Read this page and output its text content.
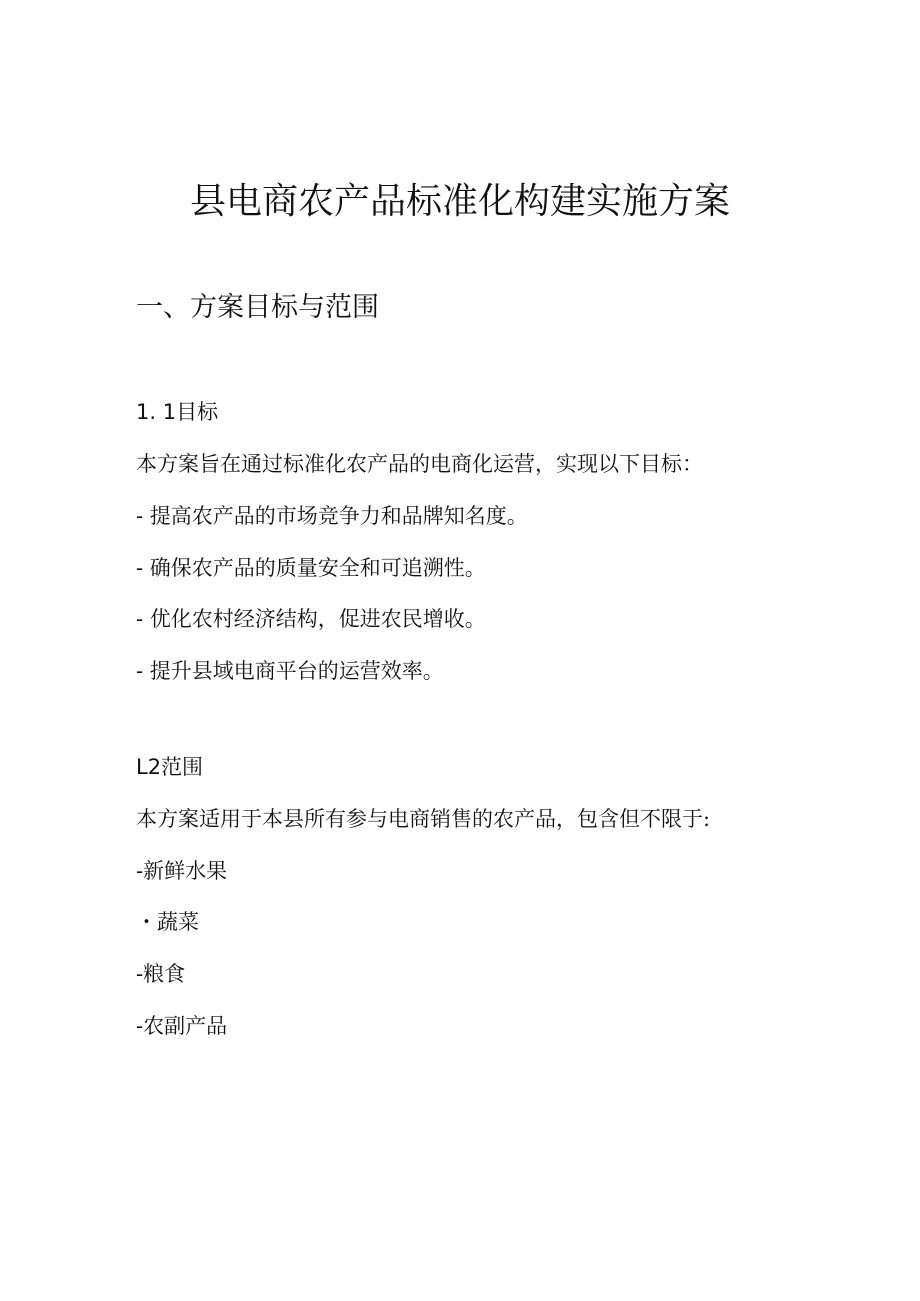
县电商农产品标准化构建实施方案
一、方案目标与范围

1. 1目标

本方案旨在通过标准化农产品的电商化运营，实现以下目标：

- 提高农产品的市场竞争力和品牌知名度。

- 确保农产品的质量安全和可追溯性。

- 优化农村经济结构，促进农民增收。

- 提升县域电商平台的运营效率。

L2范围

本方案适用于本县所有参与电商销售的农产品，包含但不限于:

-新鲜水果

・蔬菜

-粮食

-农副产品
